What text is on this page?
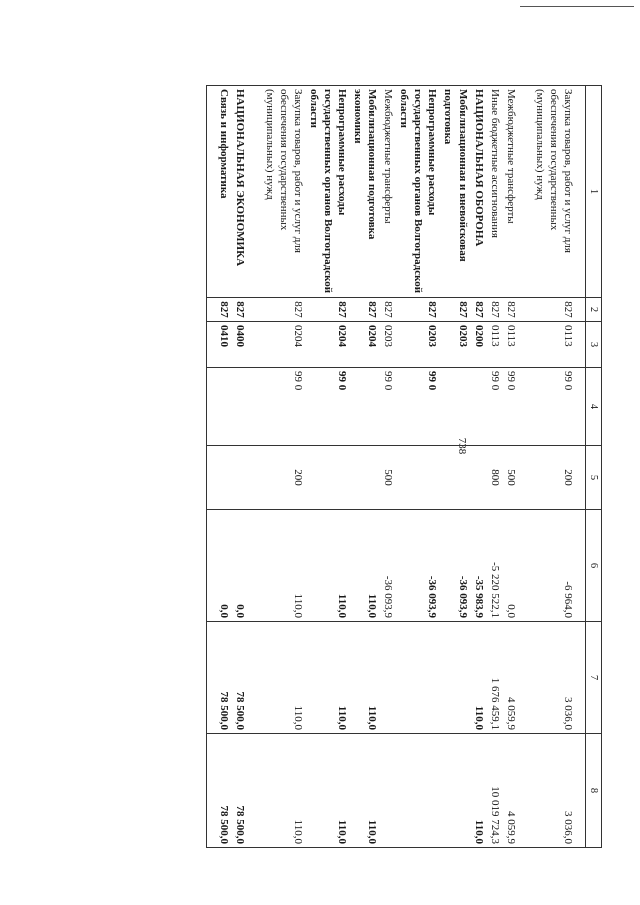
738
1	2	3	4	5	6	7	8
Закупка товаров, работ и услуг для обеспечения государственных (муниципальных) нужд	827	0113	99 0	200	-6 964,0	3 036,0	3 036,0
Межбюджетные трансферты	827	0113	99 0	500	0,0	4 059,9	4 059,9
Иные бюджетные ассигнования	827	0113	99 0	800	-5 220 522,1	1 676 459,1	10 019 724,3
НАЦИОНАЛЬНАЯ ОБОРОНА	827	0200			-35 983,9	110,0	110,0
Мобилизационная и вневойсковая подготовка	827	0203			-36 093,9		
Непрограммные расходы государственных органов Волгоградской области	827	0203	99 0		-36 093,9		
Межбюджетные трансферты	827	0203	99 0	500	-36 093,9		
Мобилизационная подготовка экономики	827	0204			110,0	110,0	110,0
Непрограммные расходы государственных органов Волгоградской области	827	0204	99 0		110,0	110,0	110,0
Закупка товаров, работ и услуг для обеспечения государственных (муниципальных) нужд	827	0204	99 0	200	110,0	110,0	110,0
НАЦИОНАЛЬНАЯ ЭКОНОМИКА	827	0400			0,0	78 500,0	78 500,0
Связь и информатика	827	0410			0,0	78 500,0	78 500,0
